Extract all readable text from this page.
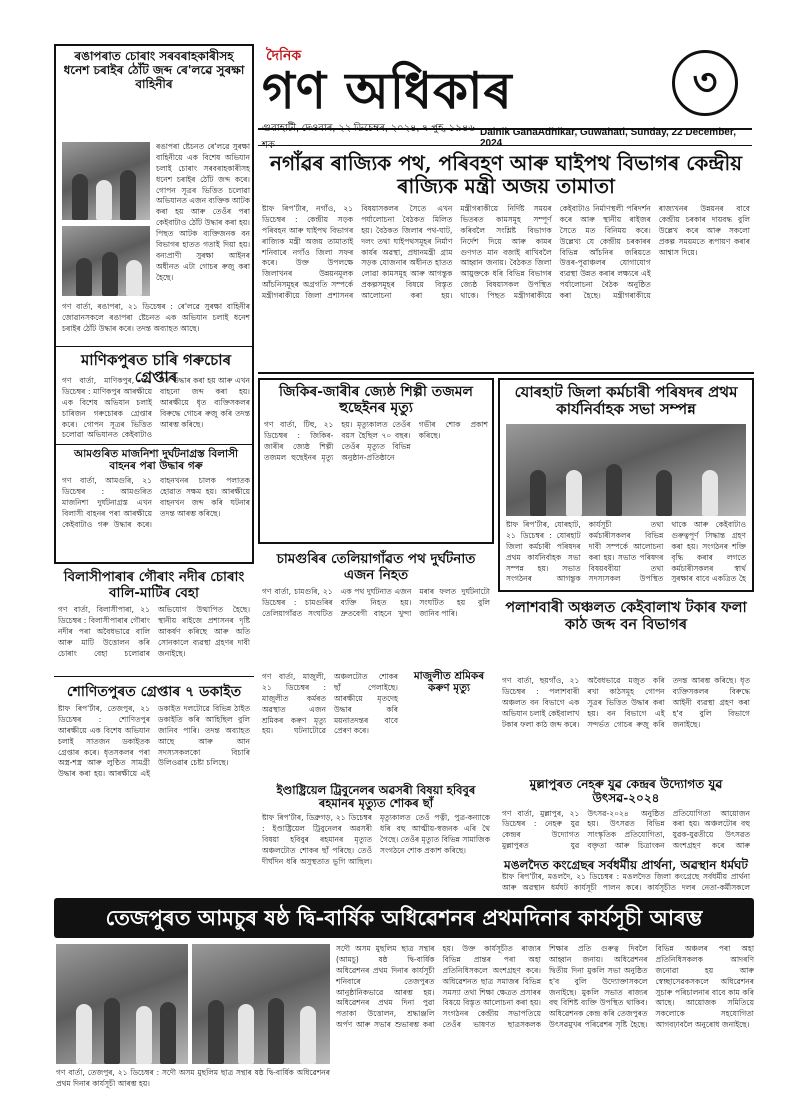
দৈনিক
গণ অধিকাৰ	৩
গুৱাহাটী, দেওবাৰ, ২২ ডিচেম্বৰ, ২০২৪, ৭ পুহ, ১৯৪৬ শক
Dainik GanaAdhikar, Guwahati, Sunday, 22 December, 2024
ৰঙাপৰাত চোৰাং সৰবৰাহকাৰীসহ ধনেশ চৰাইৰ ঠোঁট জব্দ ৰে'লৱে সুৰক্ষা বাহিনীৰ
ৰঙাপৰা ষ্টেচনত ৰে'লৱে সুৰক্ষা বাহিনীয়ে এক বিশেষ অভিযান চলাই চোৰাং সৰবৰাহকাৰীসহ ধনেশ চৰাইৰ ঠোঁট জব্দ কৰে। গোপন সূত্ৰৰ ভিত্তিত চলোৱা অভিযানত এজন ব্যক্তিক আটক কৰা হয় আৰু তেওঁৰ পৰা কেইবাটাও ঠোঁট উদ্ধাৰ কৰা হয়। পিছত আটক ব্যক্তিজনক বন বিভাগৰ হাতত গতাই দিয়া হয়। বন্যপ্ৰাণী সুৰক্ষা আইনৰ অধীনত এটা গোচৰ ৰুজু কৰা হৈছে।
গণ বাৰ্তা, ৰঙাপৰা, ২১ ডিচেম্বৰ : ৰে'লৱে সুৰক্ষা বাহিনীৰ জোৱানসকলে ৰঙাপৰা ষ্টেচনত এক অভিযান চলাই ধনেশ চৰাইৰ ঠোঁট উদ্ধাৰ কৰে। তদন্ত অব্যাহত আছে।
মাণিকপুৰত চাৰি গৰুচোৰ গ্ৰেপ্তাৰ
গণ বাৰ্তা, মাণিকপুৰ, ২১ ডিচেম্বৰ : মাণিকপুৰ আৰক্ষীয়ে এক বিশেষ অভিযান চলাই চাৰিজন গৰুচোৰক গ্ৰেপ্তাৰ কৰে। গোপন সূত্ৰৰ ভিত্তিত চলোৱা অভিযানত কেইবাটাও গৰু উদ্ধাৰ কৰা হয় আৰু এখন বাহনো জব্দ কৰা হয়। আৰক্ষীয়ে ধৃত ব্যক্তিসকলৰ বিৰুদ্ধে গোচৰ ৰুজু কৰি তদন্ত আৰম্ভ কৰিছে।
আমগুৰিত মাজনিশা দুৰ্ঘটনাগ্ৰস্ত বিলাসী বাহনৰ পৰা উদ্ধাৰ গৰু
গণ বাৰ্তা, আমগুৰি, ২১ ডিচেম্বৰ : আমগুৰিত মাজনিশা দুৰ্ঘটনাগ্ৰস্ত এখন বিলাসী বাহনৰ পৰা আৰক্ষীয়ে কেইবাটাও গৰু উদ্ধাৰ কৰে। বাহনখনৰ চালক পলাতক হোৱাত সক্ষম হয়। আৰক্ষীয়ে বাহনখন জব্দ কৰি ঘটনাৰ তদন্ত আৰম্ভ কৰিছে।
বিলাসীপাৰাৰ গৌৰাং নদীৰ চোৰাং বালি-মাটিৰ বেহা
গণ বাৰ্তা, বিলাসীপাৰা, ২১ ডিচেম্বৰ : বিলাসীপাৰাৰ গৌৰাং নদীৰ পৰা অবৈধভাৱে বালি আৰু মাটি উত্তোলন কৰি চোৰাং বেহা চলোৱাৰ অভিযোগ উত্থাপিত হৈছে। স্থানীয় ৰাইজে প্ৰশাসনৰ দৃষ্টি আকৰ্ষণ কৰিছে আৰু অতি সোনকালে ব্যৱস্থা গ্ৰহণৰ দাবী জনাইছে।
শোণিতপুৰত গ্ৰেপ্তাৰ ৭ ডকাইত
ষ্টাফ ৰিপ'ৰ্টাৰ, তেজপুৰ, ২১ ডিচেম্বৰ : শোণিতপুৰ আৰক্ষীয়ে এক বিশেষ অভিযান চলাই সাতজন ডকাইতক গ্ৰেপ্তাৰ কৰে। ধৃতসকলৰ পৰা অস্ত্ৰ-শস্ত্ৰ আৰু লুণ্ঠিত সামগ্ৰী উদ্ধাৰ কৰা হয়। আৰক্ষীয়ে এই ডকাইত দলটোৱে বিভিন্ন ঠাইত ডকাইতি কৰি আহিছিল বুলি জানিব পাৰি। তদন্ত অব্যাহত আছে আৰু আন সদস্যসকলকো বিচাৰি উলিওৱাৰ চেষ্টা চলিছে।
নগাঁৱৰ ৰাজ্যিক পথ, পৰিবহণ আৰু ঘাইপথ বিভাগৰ কেন্দ্ৰীয় ৰাজ্যিক মন্ত্ৰী অজয় তামাতা
ষ্টাফ ৰিপ'ৰ্টাৰ, নগাঁও, ২১ ডিচেম্বৰ : কেন্দ্ৰীয় সড়ক পৰিবহন আৰু ঘাইপথ বিভাগৰ ৰাজ্যিক মন্ত্ৰী অজয় তামাতাই শনিবাৰে নগাঁও জিলা সফৰ কৰে। উক্ত উপলক্ষে জিলাখনৰ উন্নয়নমূলক আঁচনিসমূহৰ অগ্ৰগতি সম্পৰ্কে মন্ত্ৰীগৰাকীয়ে জিলা প্ৰশাসনৰ বিষয়াসকলৰ সৈতে এখন পৰ্যালোচনা বৈঠকত মিলিত হয়। বৈঠকত জিলাৰ পথ-ঘাট, দলং তথা ঘাইপথসমূহৰ নিৰ্মাণ কাৰ্যৰ অৱস্থা, প্ৰধানমন্ত্ৰী গ্ৰাম সড়ক যোজনাৰ অধীনত হাতত লোৱা কামসমূহ আৰু আগন্তুক প্ৰকল্পসমূহৰ বিষয়ে বিস্তৃত আলোচনা কৰা হয়। মন্ত্ৰীগৰাকীয়ে নিৰ্দিষ্ট সময়ৰ ভিতৰত কামসমূহ সম্পূৰ্ণ কৰিবলৈ সংশ্লিষ্ট বিভাগক নিৰ্দেশ দিয়ে আৰু কামৰ গুণগত মান বজাই ৰাখিবলৈ আহ্বান জনায়। বৈঠকত জিলা আয়ুক্তকে ধৰি বিভিন্ন বিভাগৰ জ্যেষ্ঠ বিষয়াসকল উপস্থিত থাকে। পিছত মন্ত্ৰীগৰাকীয়ে কেইবাটাও নিৰ্মাণস্থলী পৰিদৰ্শন কৰে আৰু স্থানীয় ৰাইজৰ সৈতে মত বিনিময় কৰে। উল্লেখ্য যে কেন্দ্ৰীয় চৰকাৰৰ বিভিন্ন আঁচনিৰ জৰিয়তে উত্তৰ-পূৱাঞ্চলৰ যোগাযোগ ব্যৱস্থা উন্নত কৰাৰ লক্ষ্যৰে এই পৰ্যালোচনা বৈঠক অনুষ্ঠিত কৰা হৈছে। মন্ত্ৰীগৰাকীয়ে ৰাজ্যখনৰ উন্নয়নৰ বাবে কেন্দ্ৰীয় চৰকাৰ দায়বদ্ধ বুলি উল্লেখ কৰে আৰু সকলো প্ৰকল্প সময়মতে ৰূপায়ণ কৰাৰ আশ্বাস দিয়ে।
জিকিৰ-জাৰীৰ জ্যেষ্ঠ শিল্পী তজমল হুছেইনৰ মৃত্যু
গণ বাৰ্তা, টিহু, ২১ ডিচেম্বৰ : জিকিৰ-জাৰীৰ জ্যেষ্ঠ শিল্পী তজমল হুছেইনৰ মৃত্যু হয়। মৃত্যুকালত তেওঁৰ বয়স হৈছিল ৭০ বছৰ। তেওঁৰ মৃত্যুত বিভিন্ন অনুষ্ঠান-প্ৰতিষ্ঠানে গভীৰ শোক প্ৰকাশ কৰিছে।
চামগুৰিৰ তেলিয়াগাঁৱত পথ দুৰ্ঘটনাত এজন নিহত
গণ বাৰ্তা, চামগুৰি, ২১ ডিচেম্বৰ : চামগুৰিৰ তেলিয়াগাঁৱত সংঘটিত এক পথ দুৰ্ঘটনাত এজন ব্যক্তি নিহত হয়। দ্ৰুতবেগী বাহনে খুন্দা মৰাৰ ফলত দুৰ্ঘটনাটো সংঘটিত হয় বুলি জানিব পাৰি।
মাজুলীত শ্ৰমিকৰ কৰুণ মৃত্যু
গণ বাৰ্তা, মাজুলী, ২১ ডিচেম্বৰ : মাজুলীত কৰ্মৰত অৱস্থাত এজন শ্ৰমিকৰ কৰুণ মৃত্যু হয়। ঘটনাটোৱে অঞ্চলটোত শোকৰ ছাঁ পেলাইছে। আৰক্ষীয়ে মৃতদেহ উদ্ধাৰ কৰি ময়নাতদন্তৰ বাবে প্ৰেৰণ কৰে।
ইণ্ডাষ্ট্ৰিয়েল ট্ৰিবুনেলৰ অৱসৰী বিষয়া হবিবুৰ ৰহমানৰ মৃত্যুত শোকৰ ছাঁ
ষ্টাফ ৰিপ'ৰ্টাৰ, ডিব্ৰুগড়, ২১ ডিচেম্বৰ : ইণ্ডাষ্ট্ৰিয়েল ট্ৰিবুনেলৰ অৱসৰী বিষয়া হবিবুৰ ৰহমানৰ মৃত্যুত অঞ্চলটোত শোকৰ ছাঁ পৰিছে। তেওঁ দীৰ্ঘদিন ধৰি অসুস্থতাত ভুগি আছিল। মৃত্যুকালত তেওঁ পত্নী, পুত্ৰ-কন্যাকে ধৰি বহু আত্মীয়-স্বজনক এৰি থৈ গৈছে। তেওঁৰ মৃত্যুত বিভিন্ন সামাজিক সংগঠনে শোক প্ৰকাশ কৰিছে।
যোৰহাট জিলা কৰ্মচাৰী পৰিষদৰ প্ৰথম কাৰ্যনিৰ্বাহক সভা সম্পন্ন
ষ্টাফ ৰিপ'ৰ্টাৰ, যোৰহাট, ২১ ডিচেম্বৰ : যোৰহাট জিলা কৰ্মচাৰী পৰিষদৰ প্ৰথম কাৰ্যনিৰ্বাহক সভা সম্পন্ন হয়। সভাত সংগঠনৰ আগন্তুক কাৰ্যসূচী তথা কৰ্মচাৰীসকলৰ বিভিন্ন দাবী সম্পৰ্কে আলোচনা কৰা হয়। সভাত পৰিষদৰ বিষয়ববীয়া তথা সদস্যসকল উপস্থিত থাকে আৰু কেইবাটাও গুৰুত্বপূৰ্ণ সিদ্ধান্ত গ্ৰহণ কৰা হয়। সংগঠনৰ শক্তি বৃদ্ধি কৰাৰ লগতে কৰ্মচাৰীসকলৰ স্বাৰ্থ সুৰক্ষাৰ বাবে একত্ৰিত হৈ
পলাশবাৰী অঞ্চলত কেইবালাখ টকাৰ ফলা কাঠ জব্দ বন বিভাগৰ
গণ বাৰ্তা, ছয়গাঁও, ২১ ডিচেম্বৰ : পলাশবাৰী অঞ্চলত বন বিভাগে এক অভিযান চলাই কেইবালাখ টকাৰ ফলা কাঠ জব্দ কৰে। অবৈধভাৱে মজুত কৰি ৰখা কাঠসমূহ গোপন সূত্ৰৰ ভিত্তিত উদ্ধাৰ কৰা হয়। বন বিভাগে এই সন্দৰ্ভত গোচৰ ৰুজু কৰি তদন্ত আৰম্ভ কৰিছে। ধৃত ব্যক্তিসকলৰ বিৰুদ্ধে আইনী ব্যৱস্থা গ্ৰহণ কৰা হ'ব বুলি বিভাগে জনাইছে।
মুল্লাপুৰত নেহৰু যুৱ কেন্দ্ৰৰ উদ্যোগত যুৱ উৎসৱ-২০২৪
গণ বাৰ্তা, মুল্লাপুৰ, ২১ ডিচেম্বৰ : নেহৰু যুৱ কেন্দ্ৰৰ উদ্যোগত মুল্লাপুৰত যুৱ উৎসৱ-২০২৪ অনুষ্ঠিত হয়। উৎসৱত বিভিন্ন সাংস্কৃতিক প্ৰতিযোগিতা, বক্তৃতা আৰু চিত্ৰাংকন প্ৰতিযোগিতা আয়োজন কৰা হয়। অঞ্চলটোৰ বহু যুৱক-যুৱতীয়ে উৎসৱত অংশগ্ৰহণ কৰে আৰু
মঙলদৈত কংগ্ৰেছৰ সৰ্বধৰ্মীয় প্ৰাৰ্থনা, অৱস্থান ধৰ্মঘট
ষ্টাফ ৰিপ'ৰ্টাৰ, মঙলদৈ, ২১ ডিচেম্বৰ : মঙলদৈত জিলা কংগ্ৰেছে সৰ্বধৰ্মীয় প্ৰাৰ্থনা আৰু অৱস্থান ধৰ্মঘট কাৰ্যসূচী পালন কৰে। কাৰ্যসূচীত দলৰ নেতা-কৰ্মীসকলে
তেজপুৰত আমচুৰ ষষ্ঠ দ্বি-বাৰ্ষিক অধিৱেশনৰ প্ৰথমদিনাৰ কাৰ্যসূচী আৰম্ভ
গণ বাৰ্তা, তেজপুৰ, ২১ ডিচেম্বৰ : সদৌ অসম মুছলিম ছাত্ৰ সন্থাৰ ষষ্ঠ দ্বি-বাৰ্ষিক অধিৱেশনৰ প্ৰথম দিনাৰ কাৰ্যসূচী আৰম্ভ হয়।
সদৌ অসম মুছলিম ছাত্ৰ সন্থাৰ (আমচু) ষষ্ঠ দ্বি-বাৰ্ষিক অধিৱেশনৰ প্ৰথম দিনাৰ কাৰ্যসূচী শনিবাৰে তেজপুৰত আনুষ্ঠানিকভাৱে আৰম্ভ হয়। অধিৱেশনৰ প্ৰথম দিনা পুৱা পতাকা উত্তোলন, শ্ৰদ্ধাঞ্জলি অৰ্পণ আৰু সভাৰ শুভাৰম্ভ কৰা হয়। উক্ত কাৰ্যসূচীত ৰাজ্যৰ বিভিন্ন প্ৰান্তৰ পৰা অহা প্ৰতিনিধিসকলে অংশগ্ৰহণ কৰে। অধিৱেশনত ছাত্ৰ সমাজৰ বিভিন্ন সমস্যা তথা শিক্ষা ক্ষেত্ৰত প্ৰসাৰৰ বিষয়ে বিস্তৃত আলোচনা কৰা হয়। সংগঠনৰ কেন্দ্ৰীয় সভাপতিয়ে তেওঁৰ ভাষণত ছাত্ৰসকলক শিক্ষাৰ প্ৰতি গুৰুত্ব দিবলৈ আহ্বান জনায়। অধিৱেশনৰ দ্বিতীয় দিনা মুকলি সভা অনুষ্ঠিত হ'ব বুলি উদ্যোক্তাসকলে জনাইছে। মুকলি সভাত ৰাজ্যৰ বহু বিশিষ্ট ব্যক্তি উপস্থিত থাকিব। অধিৱেশনক কেন্দ্ৰ কৰি তেজপুৰত উৎসৱমুখৰ পৰিৱেশৰ সৃষ্টি হৈছে। বিভিন্ন অঞ্চলৰ পৰা অহা প্ৰতিনিধিসকলক আদৰণি জনোৱা হয় আৰু স্বেচ্ছাসেৱকসকলে অধিৱেশনৰ সুচাৰু পৰিচালনাৰ বাবে কাম কৰি আছে। আয়োজক সমিতিয়ে সকলোকে সহযোগিতা আগবঢ়াবলৈ অনুৰোধ জনাইছে।
